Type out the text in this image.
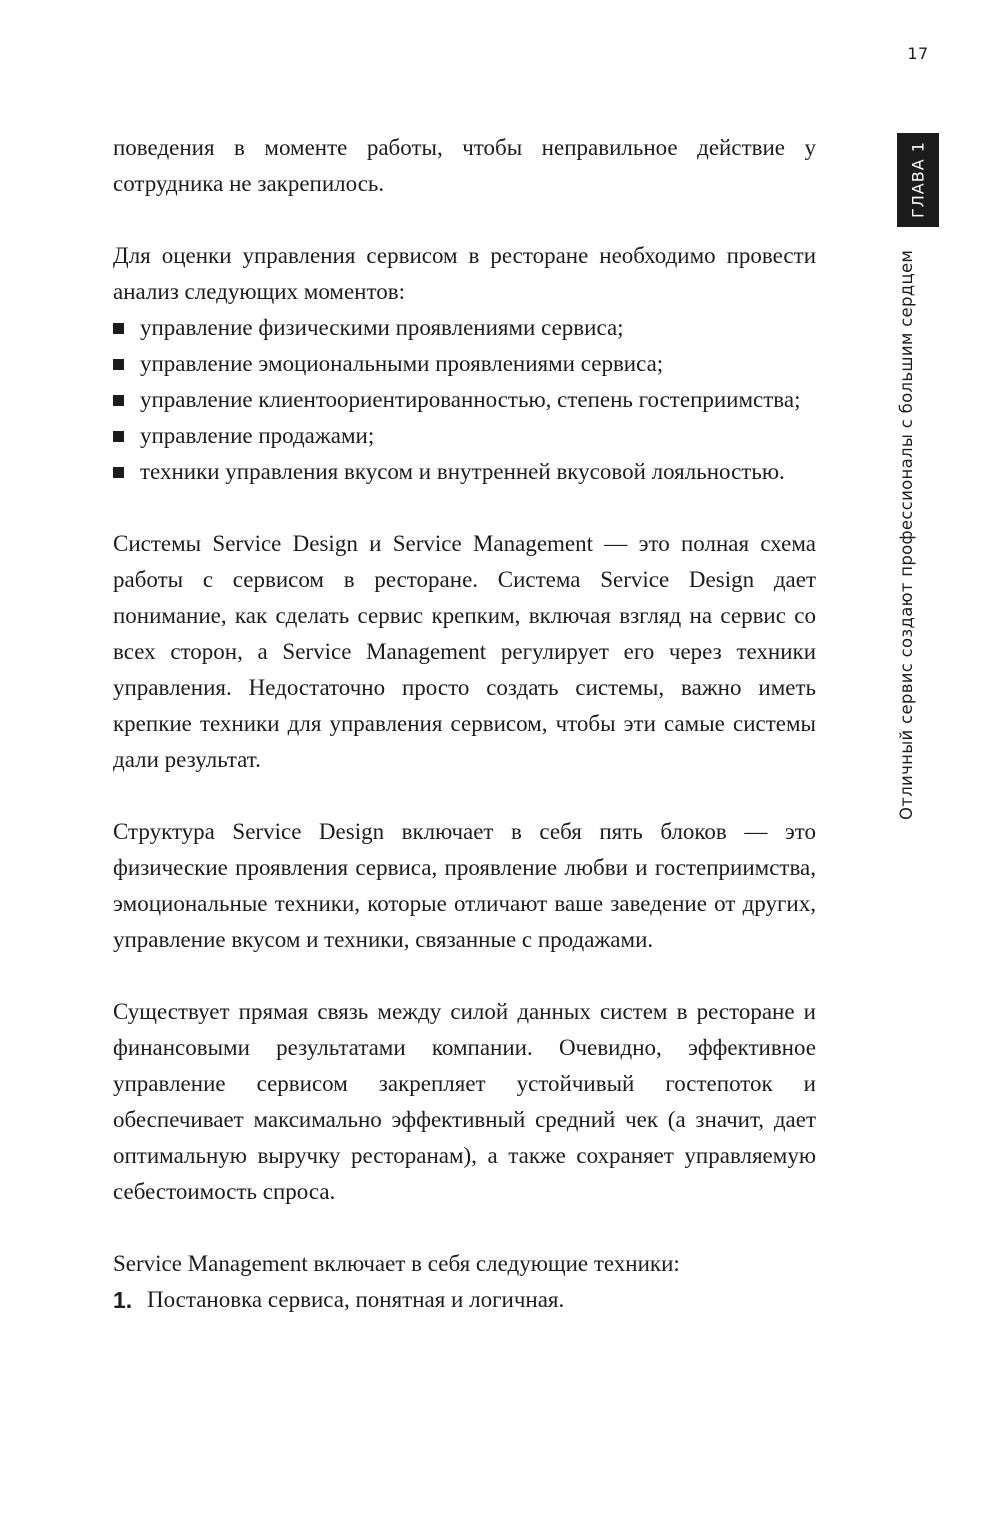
17
ГЛАВА 1
Отличный сервис создают профессионалы с большим сердцем

поведения в моменте работы, чтобы неправильное действие у сотрудника не закрепилось.

Для оценки управления сервисом в ресторане необходимо провести анализ следующих моментов:

управление физическими проявлениями сервиса;
управление эмоциональными проявлениями сервиса;
управление клиентоориентированностью, степень гостеприимства;
управление продажами;
техники управления вкусом и внутренней вкусовой лояльностью.

Системы Service Design и Service Management — это полная схема работы с сервисом в ресторане. Система Service Design дает понимание, как сделать сервис крепким, включая взгляд на сервис со всех сторон, а Service Management регулирует его через техники управления. Недостаточно просто создать системы, важно иметь крепкие техники для управления сервисом, чтобы эти самые системы дали результат.

Структура Service Design включает в себя пять блоков — это физические проявления сервиса, проявление любви и гостеприимства, эмоциональные техники, которые отличают ваше заведение от других, управление вкусом и техники, связанные с продажами.

Существует прямая связь между силой данных систем в ресторане и финансовыми результатами компании. Очевидно, эффективное управление сервисом закрепляет устойчивый гостепоток и обеспечивает максимально эффективный средний чек (а значит, дает оптимальную выручку ресторанам), а также сохраняет управляемую себестоимость спроса.

Service Management включает в себя следующие техники:

1. Постановка сервиса, понятная и логичная.
